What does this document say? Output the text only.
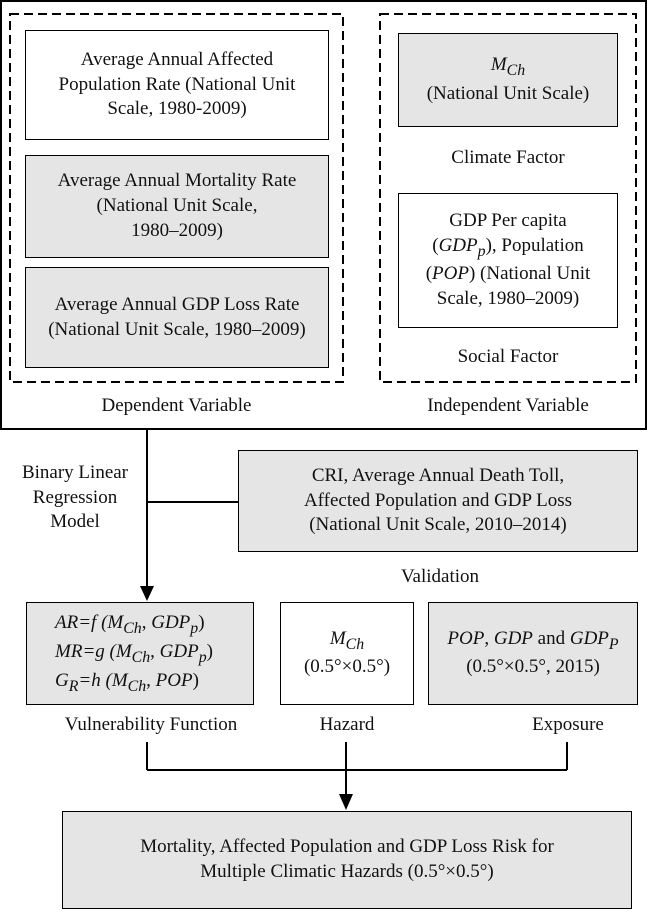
Average Annual Affected
Population Rate (National Unit
Scale, 1980-2009)
Average Annual Mortality Rate
(National Unit Scale,
1980–2009)
Average Annual GDP Loss Rate
(National Unit Scale, 1980–2009)
Dependent Variable
$M_{Ch}$
(National Unit Scale)
Climate Factor
GDP Per capita
$(GDP_p)$, Population
(POP) (National Unit
Scale, 1980–2009)
Social Factor
Independent Variable
Binary Linear
Regression
Model
CRI, Average Annual Death Toll,
Affected Population and GDP Loss
(National Unit Scale, 2010–2014)
Validation
AR=f ($M_{Ch}$, $GDP_p$)
MR=g ($M_{Ch}$, $GDP_p$)
$G_R=h$ ($M_{Ch}$, POP)
Vulnerability Function
$M_{Ch}$
(0.5°×0.5°)
Hazard
POP, GDP and $GDP_P$
(0.5°×0.5°, 2015)
Exposure
Mortality, Affected Population and GDP Loss Risk for
Multiple Climatic Hazards (0.5°×0.5°)
